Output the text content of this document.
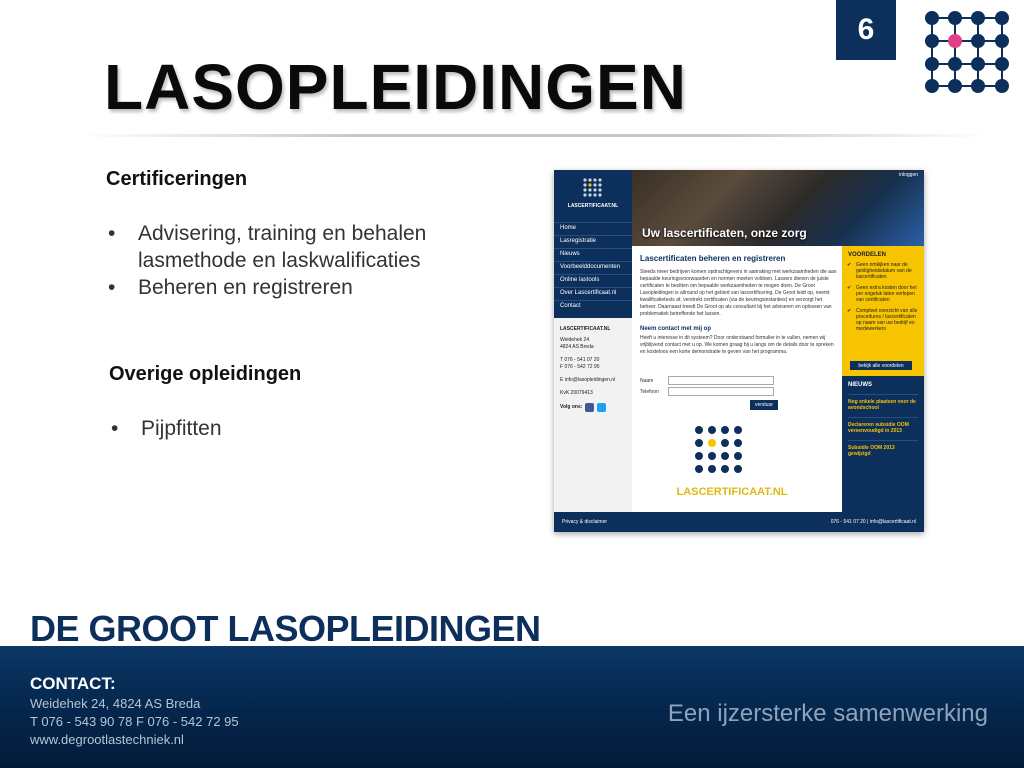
6
LASOPLEIDINGEN
Certificeringen
• Advisering, training en behalen lasmethode en laskwalificaties
• Beheren en registreren
Overige opleidingen
• Pijpfitten
LASCERTIFICAAT.NL
Home
Lasregistratie
Nieuws
Voorbeelddocumenten
Online lastools
Over Lascertificaat.nl
Contact
LASCERTIFICAAT.NL
Weidehek 24
4824 AS Breda
T 076 - 541 07 20
F 076 - 542 72 95
E info@lasopleidingen.nl
KvK 20079413
Volg ons:
inloggen
Uw lascertificaten, onze zorg
Lascertificaten beheren en registreren
Steeds meer bedrijven komen opdrachtgevers in aanraking met werkzaamheden die aan bepaalde keuringsvoorwaarden en normen moeten voldoen. Lassers dienen de juiste certificaten te bezitten om bepaalde werkzaamheden te mogen doen. De Groot Lasopleidingen is allround op het gebied van lascertificering. De Groot leidt op, neemt kwalificatietests af, verstrekt certificaten (via de keuringsinstanties) en verzorgt het beheer. Daarnaast treedt De Groot op als consultant bij het adviseren en oplossen van problematiek betreffende het lassen.
Neem contact met mij op
Heeft u interesse in dit systeem? Door onderstaand formulier in te vullen, nemen wij vrijblijvend contact met u op. We komen graag bij u langs om de details door te spreken en kosteloos een korte demonstratie te geven van het programma.
Naam
Telefoon
verstuur
LASCERTIFICAAT.NL
VOORDELEN

✔ Geen omkijken naar de geldigheidsdatum van de lascertificaten

✔ Geen extra kosten door het per ongeluk laten verlopen van certificaten

✔ Compleet overzicht van alle procedures / lascertificaten op naam van uw bedrijf en medewerkers

bekijk alle voordelen
NIEUWS

Nog enkele plaatsen voor de avondschool

Declareren subsidie OOM vereenvoudigd in 2013

Subsidie OOM 2013 gewijzigd

Privacy & disclaimer	076 - 541 07 20 | info@lascertificaat.nl
DE GROOT LASOPLEIDINGEN
CONTACT:
Weidehek 24, 4824 AS Breda
T 076 - 543 90 78 F 076 - 542 72 95
www.degrootlastechniek.nl
Een ijzersterke samenwerking
